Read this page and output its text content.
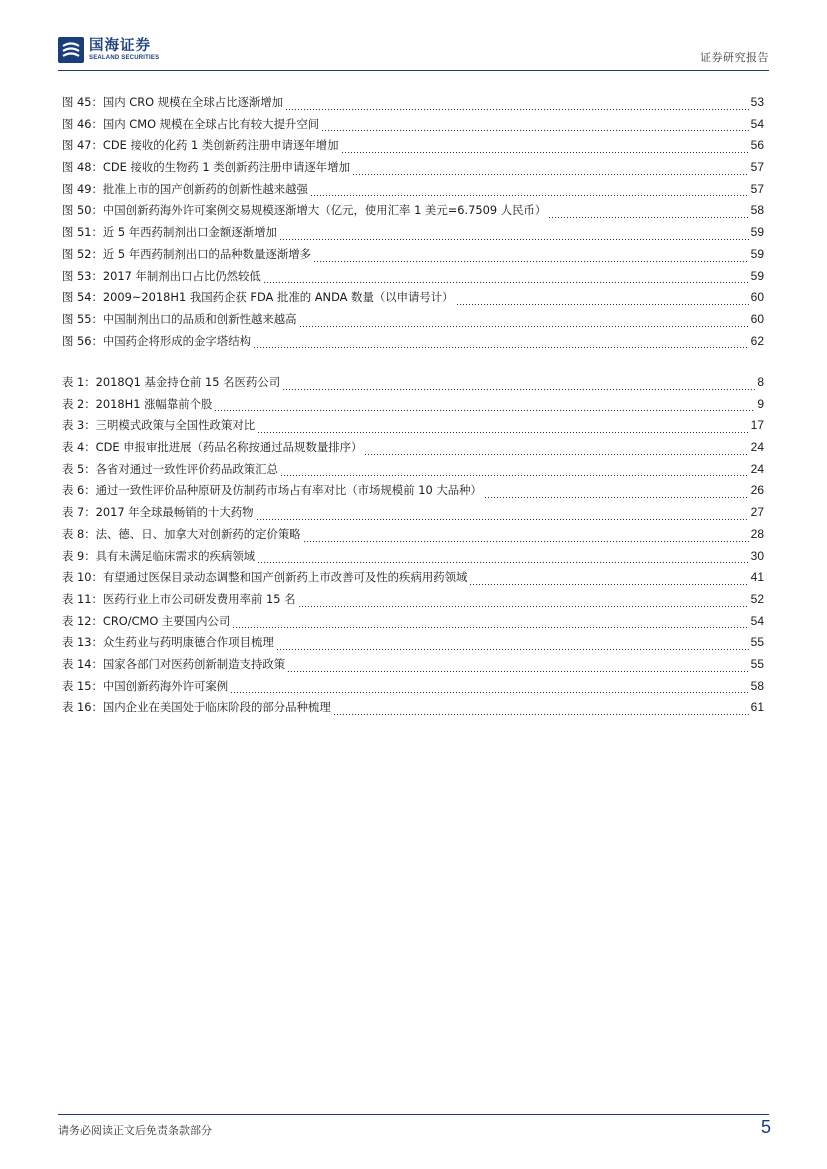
国海证券
SEALAND SECURITIES	证券研究报告
图 45：国内 CRO 规模在全球占比逐渐增加	53
图 46：国内 CMO 规模在全球占比有较大提升空间	54
图 47：CDE 接收的化药 1 类创新药注册申请逐年增加	56
图 48：CDE 接收的生物药 1 类创新药注册申请逐年增加	57
图 49：批准上市的国产创新药的创新性越来越强	57
图 50：中国创新药海外许可案例交易规模逐渐增大（亿元，使用汇率 1 美元=6.7509 人民币）	58
图 51：近 5 年西药制剂出口金额逐渐增加	59
图 52：近 5 年西药制剂出口的品种数量逐渐增多	59
图 53：2017 年制剂出口占比仍然较低	59
图 54：2009~2018H1 我国药企获 FDA 批准的 ANDA 数量（以申请号计）	60
图 55：中国制剂出口的品质和创新性越来越高	60
图 56：中国药企将形成的金字塔结构	62
表 1：2018Q1 基金持仓前 15 名医药公司	8
表 2：2018H1 涨幅靠前个股	9
表 3：三明模式政策与全国性政策对比	17
表 4：CDE 申报审批进展（药品名称按通过品规数量排序）	24
表 5：各省对通过一致性评价药品政策汇总	24
表 6：通过一致性评价品种原研及仿制药市场占有率对比（市场规模前 10 大品种）	26
表 7：2017 年全球最畅销的十大药物	27
表 8：法、德、日、加拿大对创新药的定价策略	28
表 9：具有未满足临床需求的疾病领域	30
表 10：有望通过医保目录动态调整和国产创新药上市改善可及性的疾病用药领域	41
表 11：医药行业上市公司研发费用率前 15 名	52
表 12：CRO/CMO 主要国内公司	54
表 13：众生药业与药明康德合作项目梳理	55
表 14：国家各部门对医药创新制造支持政策	55
表 15：中国创新药海外许可案例	58
表 16：国内企业在美国处于临床阶段的部分品种梳理	61
请务必阅读正文后免责条款部分	5
